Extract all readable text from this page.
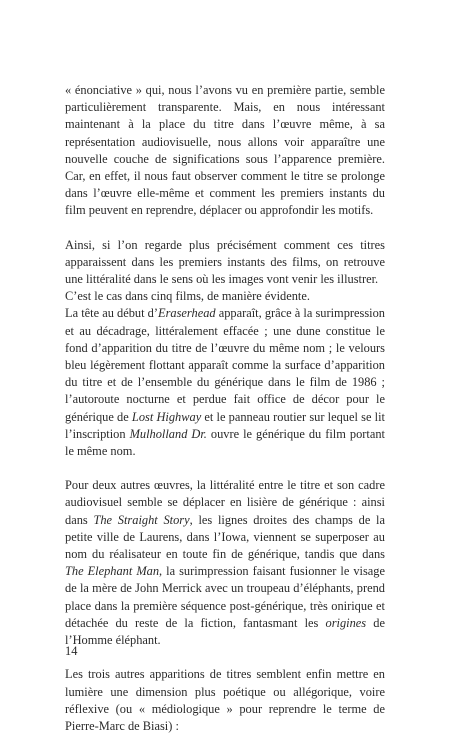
« énonciative » qui, nous l’avons vu en première partie, semble particulièrement transparente. Mais, en nous intéressant maintenant à la place du titre dans l’œuvre même, à sa représentation audiovisuelle, nous allons voir apparaître une nouvelle couche de significations sous l’apparence première. Car, en effet, il nous faut observer comment le titre se prolonge dans l’œuvre elle-même et comment les premiers instants du film peuvent en reprendre, déplacer ou approfondir les motifs.

Ainsi, si l’on regarde plus précisément comment ces titres apparaissent dans les premiers instants des films, on retrouve une littéralité dans le sens où les images vont venir les illustrer.

C’est le cas dans cinq films, de manière évidente.

La tête au début d’Eraserhead apparaît, grâce à la surimpression et au décadrage, littéralement effacée ; une dune constitue le fond d’apparition du titre de l’œuvre du même nom ; le velours bleu légèrement flottant apparaît comme la surface d’apparition du titre et de l’ensemble du générique dans le film de 1986 ; l’autoroute nocturne et perdue fait office de décor pour le générique de Lost Highway et le panneau routier sur lequel se lit l’inscription Mulholland Dr. ouvre le générique du film portant le même nom.

Pour deux autres œuvres, la littéralité entre le titre et son cadre audiovisuel semble se déplacer en lisière de générique : ainsi dans The Straight Story, les lignes droites des champs de la petite ville de Laurens, dans l’Iowa, viennent se superposer au nom du réalisateur en toute fin de générique, tandis que dans The Elephant Man, la surimpression faisant fusionner le visage de la mère de John Merrick avec un troupeau d’éléphants, prend place dans la première séquence post-générique, très onirique et détachée du reste de la fiction, fantasmant les origines de l’Homme éléphant.

Les trois autres apparitions de titres semblent enfin mettre en lumière une dimension plus poétique ou allégorique, voire réflexive (ou « médiologique » pour reprendre le terme de Pierre-Marc de Biasi) :

14
